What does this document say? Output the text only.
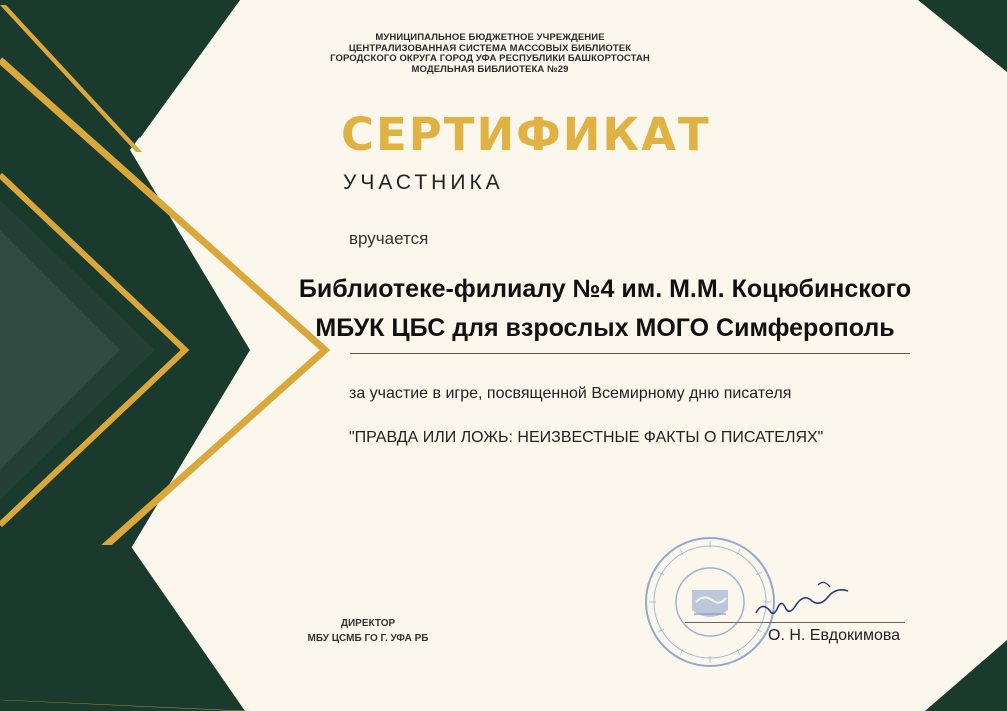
МУНИЦИПАЛЬНОЕ БЮДЖЕТНОЕ УЧРЕЖДЕНИЕ
ЦЕНТРАЛИЗОВАННАЯ СИСТЕМА МАССОВЫХ БИБЛИОТЕК
ГОРОДСКОГО ОКРУГА ГОРОД УФА РЕСПУБЛИКИ БАШКОРТОСТАН
МОДЕЛЬНАЯ БИБЛИОТЕКА №29
СЕРТИФИКАТ
УЧАСТНИКА
вручается
Библиотеке-филиалу №4 им. М.М. Коцюбинского
МБУК ЦБС для взрослых МОГО Симферополь
за участие в игре, посвященной Всемирному дню писателя
"ПРАВДА ИЛИ ЛОЖЬ: НЕИЗВЕСТНЫЕ ФАКТЫ О ПИСАТЕЛЯХ"
ДИРЕКТОР
МБУ ЦСМБ ГО Г. УФА РБ	О. Н. Евдокимова
